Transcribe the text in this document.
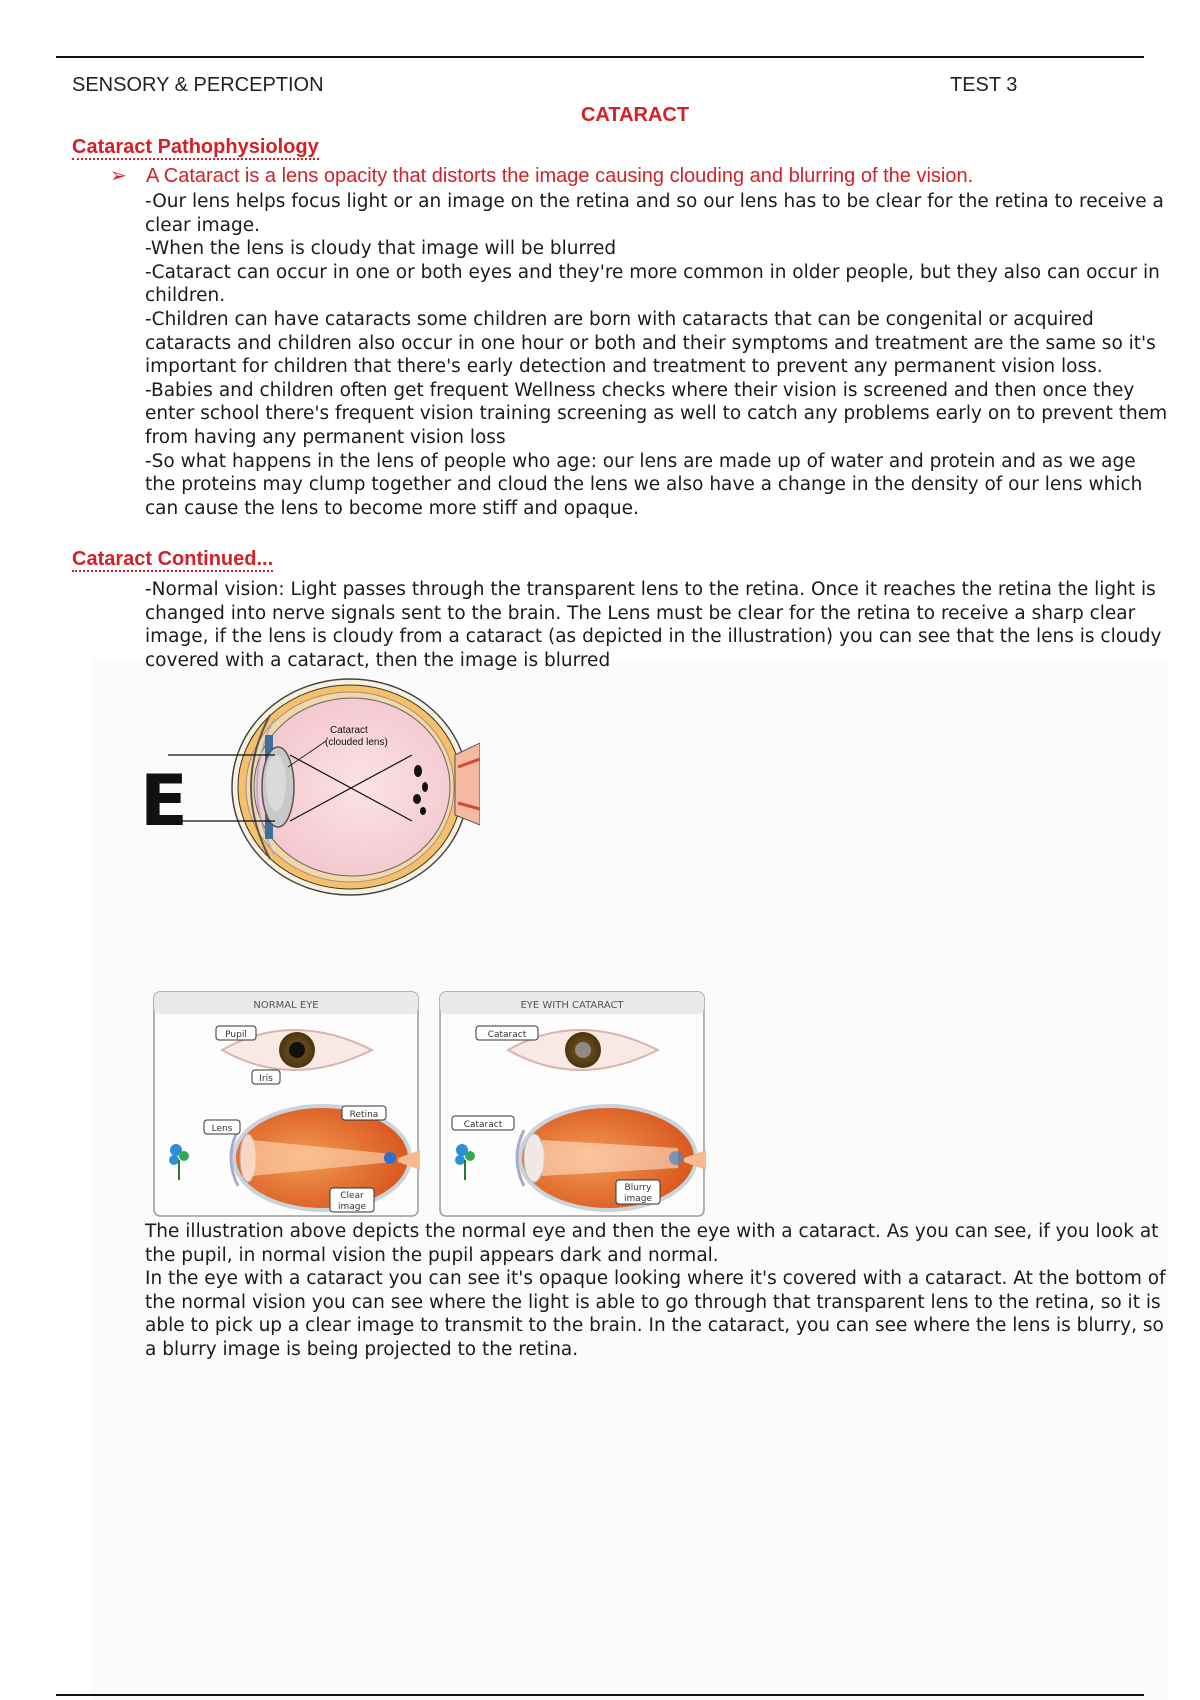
SENSORY & PERCEPTION	TEST 3
CATARACT
Cataract Pathophysiology
➢ A Cataract is a lens opacity that distorts the image causing clouding and blurring of the vision.

-Our lens helps focus light or an image on the retina and so our lens has to be clear for the retina to receive a clear image.

-When the lens is cloudy that image will be blurred

-Cataract can occur in one or both eyes and they're more common in older people, but they also can occur in children.

-Children can have cataracts some children are born with cataracts that can be congenital or acquired cataracts and children also occur in one hour or both and their symptoms and treatment are the same so it's important for children that there's early detection and treatment to prevent any permanent vision loss.

-Babies and children often get frequent Wellness checks where their vision is screened and then once they enter school there's frequent vision training screening as well to catch any problems early on to prevent them from having any permanent vision loss

-So what happens in the lens of people who age: our lens are made up of water and protein and as we age the proteins may clump together and cloud the lens we also have a change in the density of our lens which can cause the lens to become more stiff and opaque.

Cataract Continued...

-Normal vision: Light passes through the transparent lens to the retina. Once it reaches the retina the light is changed into nerve signals sent to the brain. The Lens must be clear for the retina to receive a sharp clear image, if the lens is cloudy from a cataract (as depicted in the illustration) you can see that the lens is cloudy covered with a cataract, then the image is blurred

E
Cataract
(clouded lens)
NORMAL EYE
Pupil
Iris
Lens
Retina
Clear
image
EYE WITH CATARACT
Cataract
Cataract
Blurry
image

The illustration above depicts the normal eye and then the eye with a cataract. As you can see, if you look at the pupil, in normal vision the pupil appears dark and normal.

In the eye with a cataract you can see it's opaque looking where it's covered with a cataract. At the bottom of the normal vision you can see where the light is able to go through that transparent lens to the retina, so it is able to pick up a clear image to transmit to the brain. In the cataract, you can see where the lens is blurry, so a blurry image is being projected to the retina.
